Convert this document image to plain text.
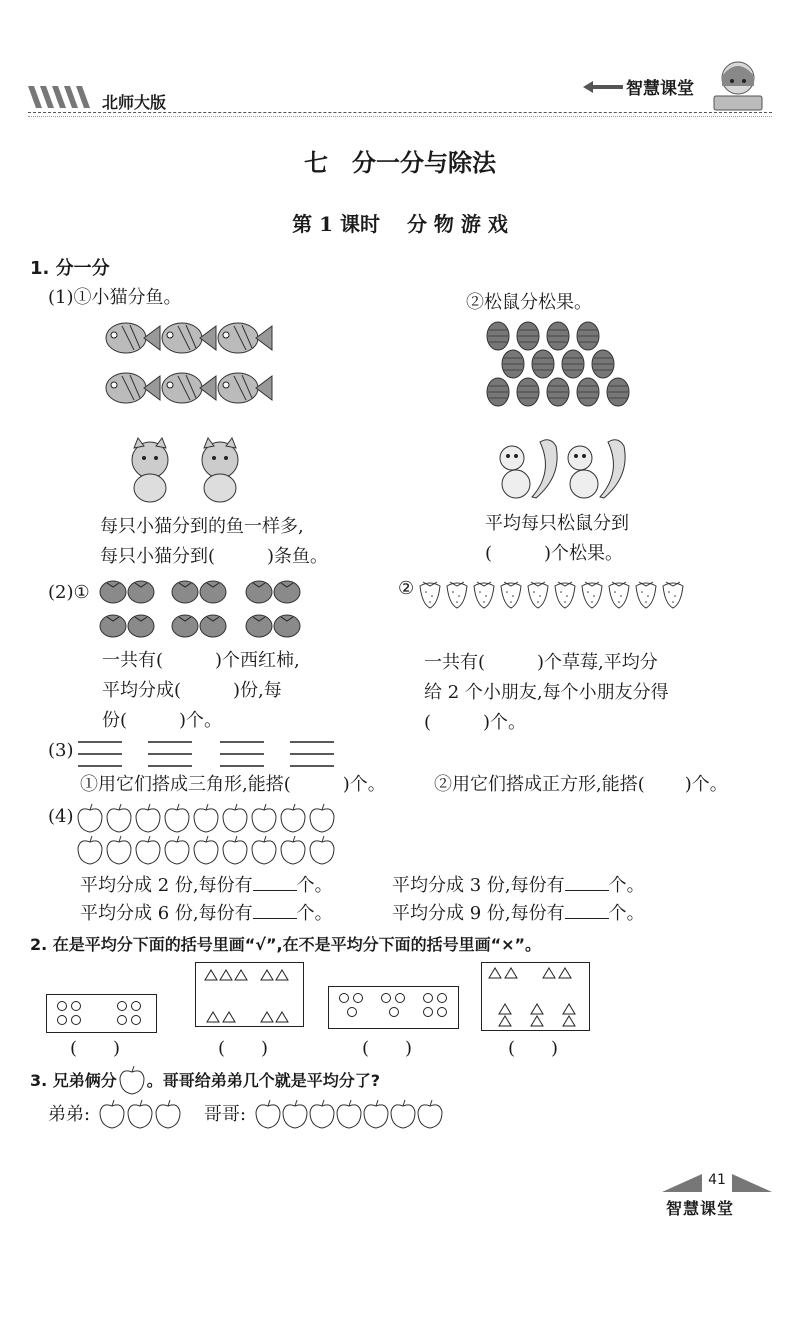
北师大版
智慧课堂
七　分一分与除法
第 1 课时　 分 物 游 戏
1. 分一分
(1)①小猫分鱼。	②松鼠分松果。
每只小猫分到的鱼一样多,
每只小猫分到(	)条鱼。
平均每只松鼠分到
(	)个松果。
(2)①	②
一共有(	)个西红柿,
平均分成(	)份,每
份(	)个。
一共有(	)个草莓,平均分
给 2 个小朋友,每个小朋友分得
(	)个。
(3)
①用它们搭成三角形,能搭(	)个。	②用它们搭成正方形,能搭( )个。
(4)
平均分成 2 份,每份有 个。	平均分成 3 份,每份有 个。
平均分成 6 份,每份有 个。	平均分成 9 份,每份有 个。
2. 在是平均分下面的括号里画“√”,在不是平均分下面的括号里画“×”。
(　　)	(　　)	(　　)	(　　)
3. 兄弟俩分 。哥哥给弟弟几个就是平均分了?
弟弟:	哥哥:
41
智慧课堂
